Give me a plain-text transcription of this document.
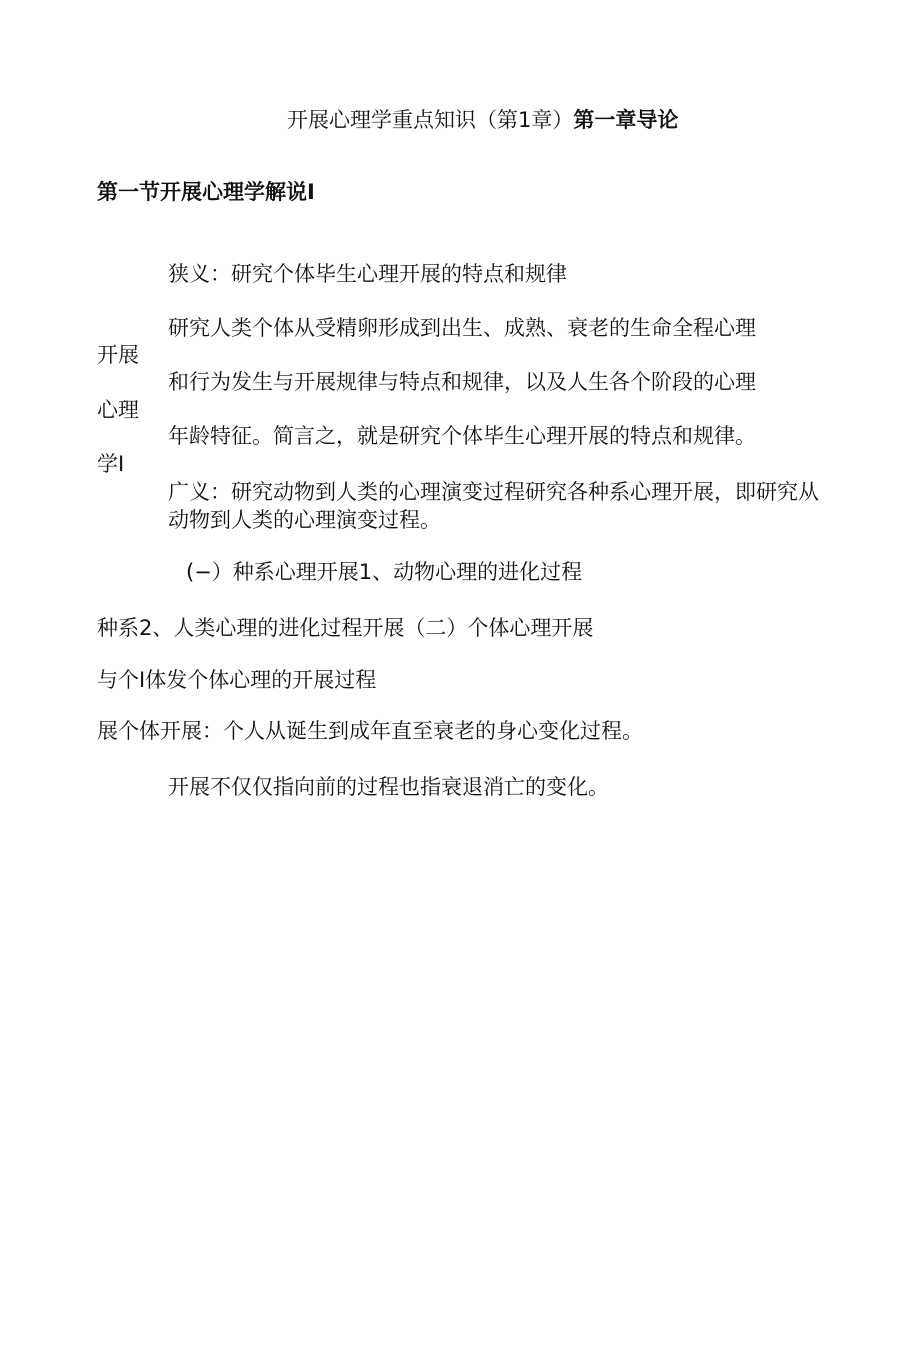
开展心理学重点知识（第1章）第一章导论
第一节开展心理学解说I
狭义：研究个体毕生心理开展的特点和规律
研究人类个体从受精卵形成到出生、成熟、衰老的生命全程心理
和行为发生与开展规律与特点和规律，以及人生各个阶段的心理
年龄特征。简言之，就是研究个体毕生心理开展的特点和规律。
开展
心理
学I
广义：研究动物到人类的心理演变过程研究各种系心理开展，即研究从动物到人类的心理演变过程。
(−）种系心理开展1、动物心理的进化过程
种系2、人类心理的进化过程开展（二）个体心理开展
与个I体发个体心理的开展过程
展个体开展：个人从诞生到成年直至衰老的身心变化过程。
开展不仅仅指向前的过程也指衰退消亡的变化。
